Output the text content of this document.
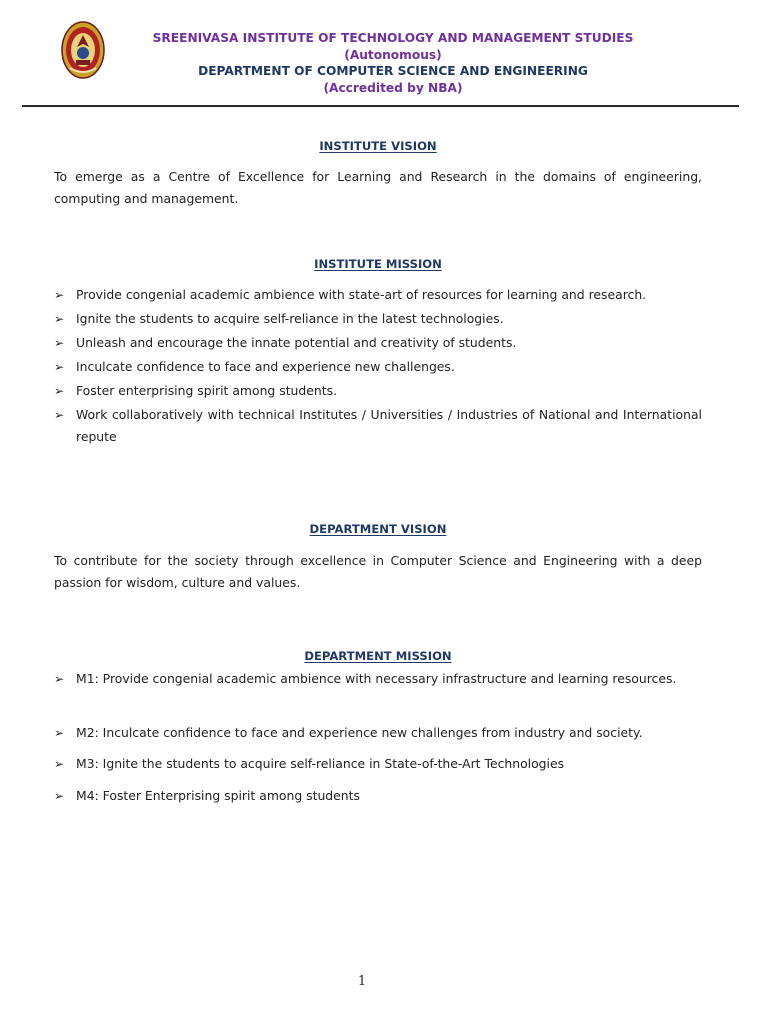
SREENIVASA INSTITUTE OF TECHNOLOGY AND MANAGEMENT STUDIES
(Autonomous)
DEPARTMENT OF COMPUTER SCIENCE AND ENGINEERING
(Accredited by NBA)
INSTITUTE VISION
To emerge as a Centre of Excellence for Learning and Research in the domains of engineering, computing and management.
INSTITUTE MISSION
➢ Provide congenial academic ambience with state-art of resources for learning and research.
➢ Ignite the students to acquire self-reliance in the latest technologies.
➢ Unleash and encourage the innate potential and creativity of students.
➢ Inculcate confidence to face and experience new challenges.
➢ Foster enterprising spirit among students.
➢ Work collaboratively with technical Institutes / Universities / Industries of National and International repute
DEPARTMENT VISION
To contribute for the society through excellence in Computer Science and Engineering with a deep passion for wisdom, culture and values.
DEPARTMENT MISSION
➢ M1: Provide congenial academic ambience with necessary infrastructure and learning resources.
➢ M2: Inculcate confidence to face and experience new challenges from industry and society.
➢ M3: Ignite the students to acquire self-reliance in State-of-the-Art Technologies
➢ M4: Foster Enterprising spirit among students
1
